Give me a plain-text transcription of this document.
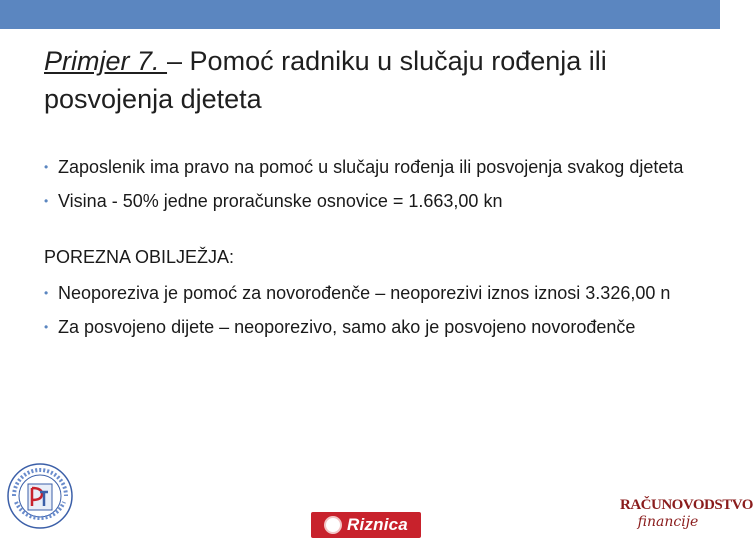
Primjer 7. – Pomoć radniku u slučaju rođenja ili posvojenja djeteta
• Zaposlenik ima pravo na pomoć u slučaju rođenja ili posvojenja svakog djeteta
• Visina - 50% jedne proračunske osnovice = 1.663,00 kn
POREZNA OBILJEŽJA:
• Neoporeziva je pomoć za novorođenče – neoporezivi iznos iznosi 3.326,00 n
• Za posvojeno dijete – neoporezivo, samo ako je posvojeno novorođenče
Riznica
RAČUNOVODSTVO
financije
